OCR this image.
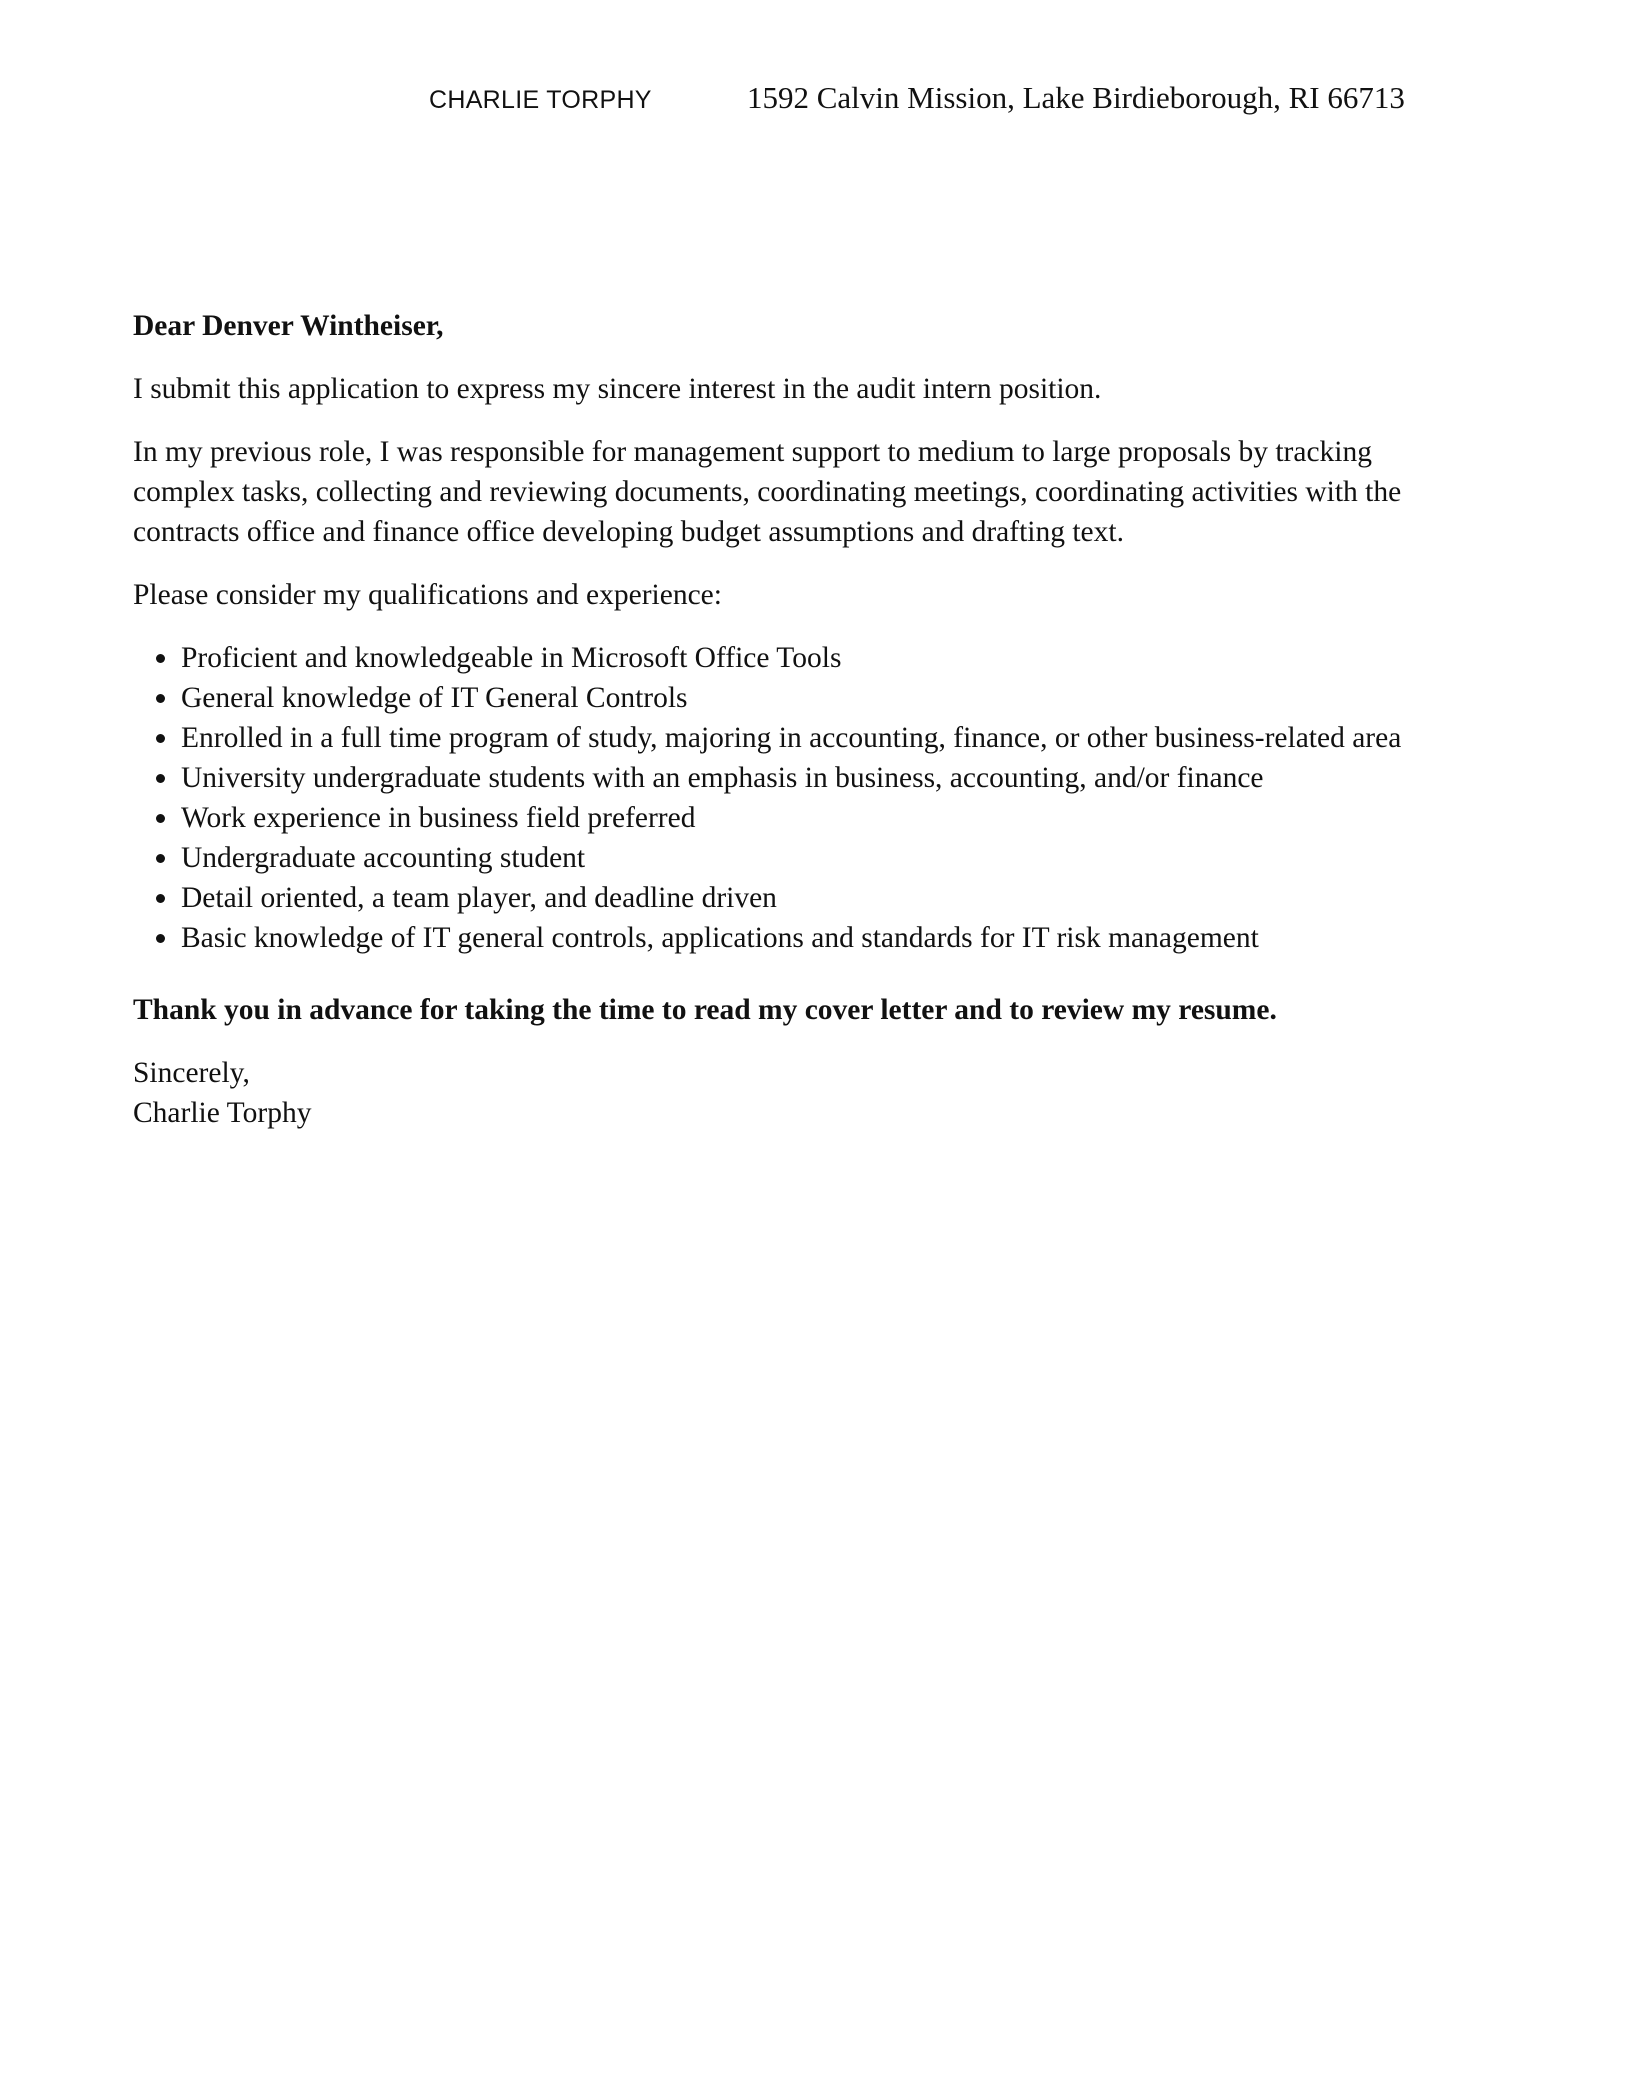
CHARLIE TORPHY	1592 Calvin Mission, Lake Birdieborough, RI 66713

Dear Denver Wintheiser,

I submit this application to express my sincere interest in the audit intern position.

In my previous role, I was responsible for management support to medium to large proposals by tracking complex tasks, collecting and reviewing documents, coordinating meetings, coordinating activities with the contracts office and finance office developing budget assumptions and drafting text.

Please consider my qualifications and experience:

Proficient and knowledgeable in Microsoft Office Tools
General knowledge of IT General Controls
Enrolled in a full time program of study, majoring in accounting, finance, or other business-related area
University undergraduate students with an emphasis in business, accounting, and/or finance
Work experience in business field preferred
Undergraduate accounting student
Detail oriented, a team player, and deadline driven
Basic knowledge of IT general controls, applications and standards for IT risk management

Thank you in advance for taking the time to read my cover letter and to review my resume.

Sincerely,

Charlie Torphy
